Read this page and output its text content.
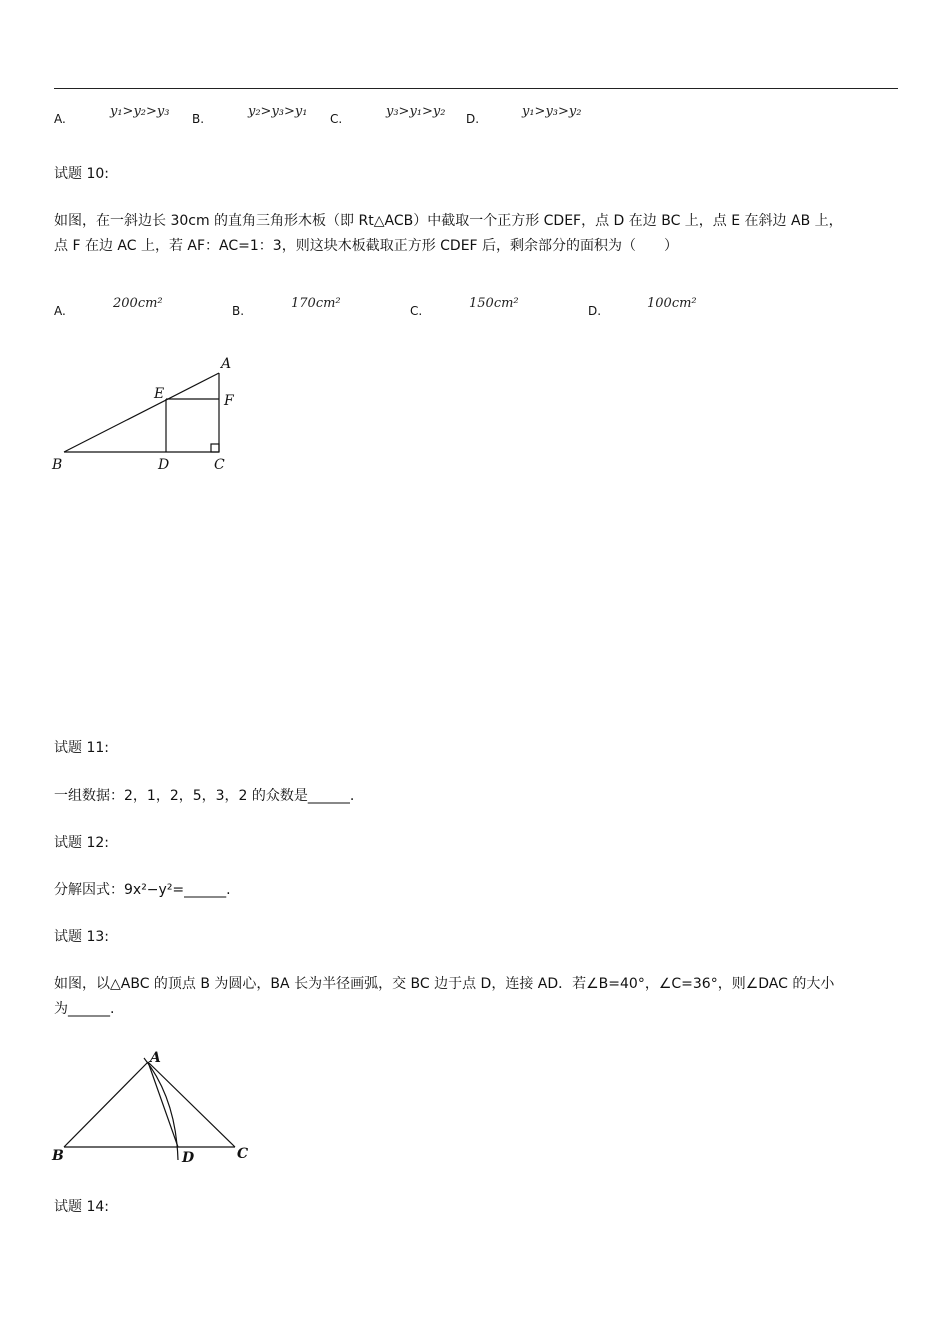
A.	y₁>y₂>y₃ B.	y₂>y₃>y₁ C.	y₃>y₁>y₂ D.	y₁>y₃>y₂
试题 10:
如图，在一斜边长 30cm 的直角三角形木板（即 Rt△ACB）中截取一个正方形 CDEF，点 D 在边 BC 上，点 E 在斜边 AB 上，
点 F 在边 AC 上，若 AF：AC=1：3，则这块木板截取正方形 CDEF 后，剩余部分的面积为（　　）
A.	200cm²	B.	170cm²	C.	150cm²	D.	100cm²
A
B	C
D
E	F
试题 11:
一组数据：2，1，2，5，3，2 的众数是______.
试题 12:
分解因式：9x²−y²=______.
试题 13:
如图，以△ABC 的顶点 B 为圆心，BA 长为半径画弧，交 BC 边于点 D，连接 AD．若∠B=40°，∠C=36°，则∠DAC 的大小
为______.
A
B	C
D
试题 14:
